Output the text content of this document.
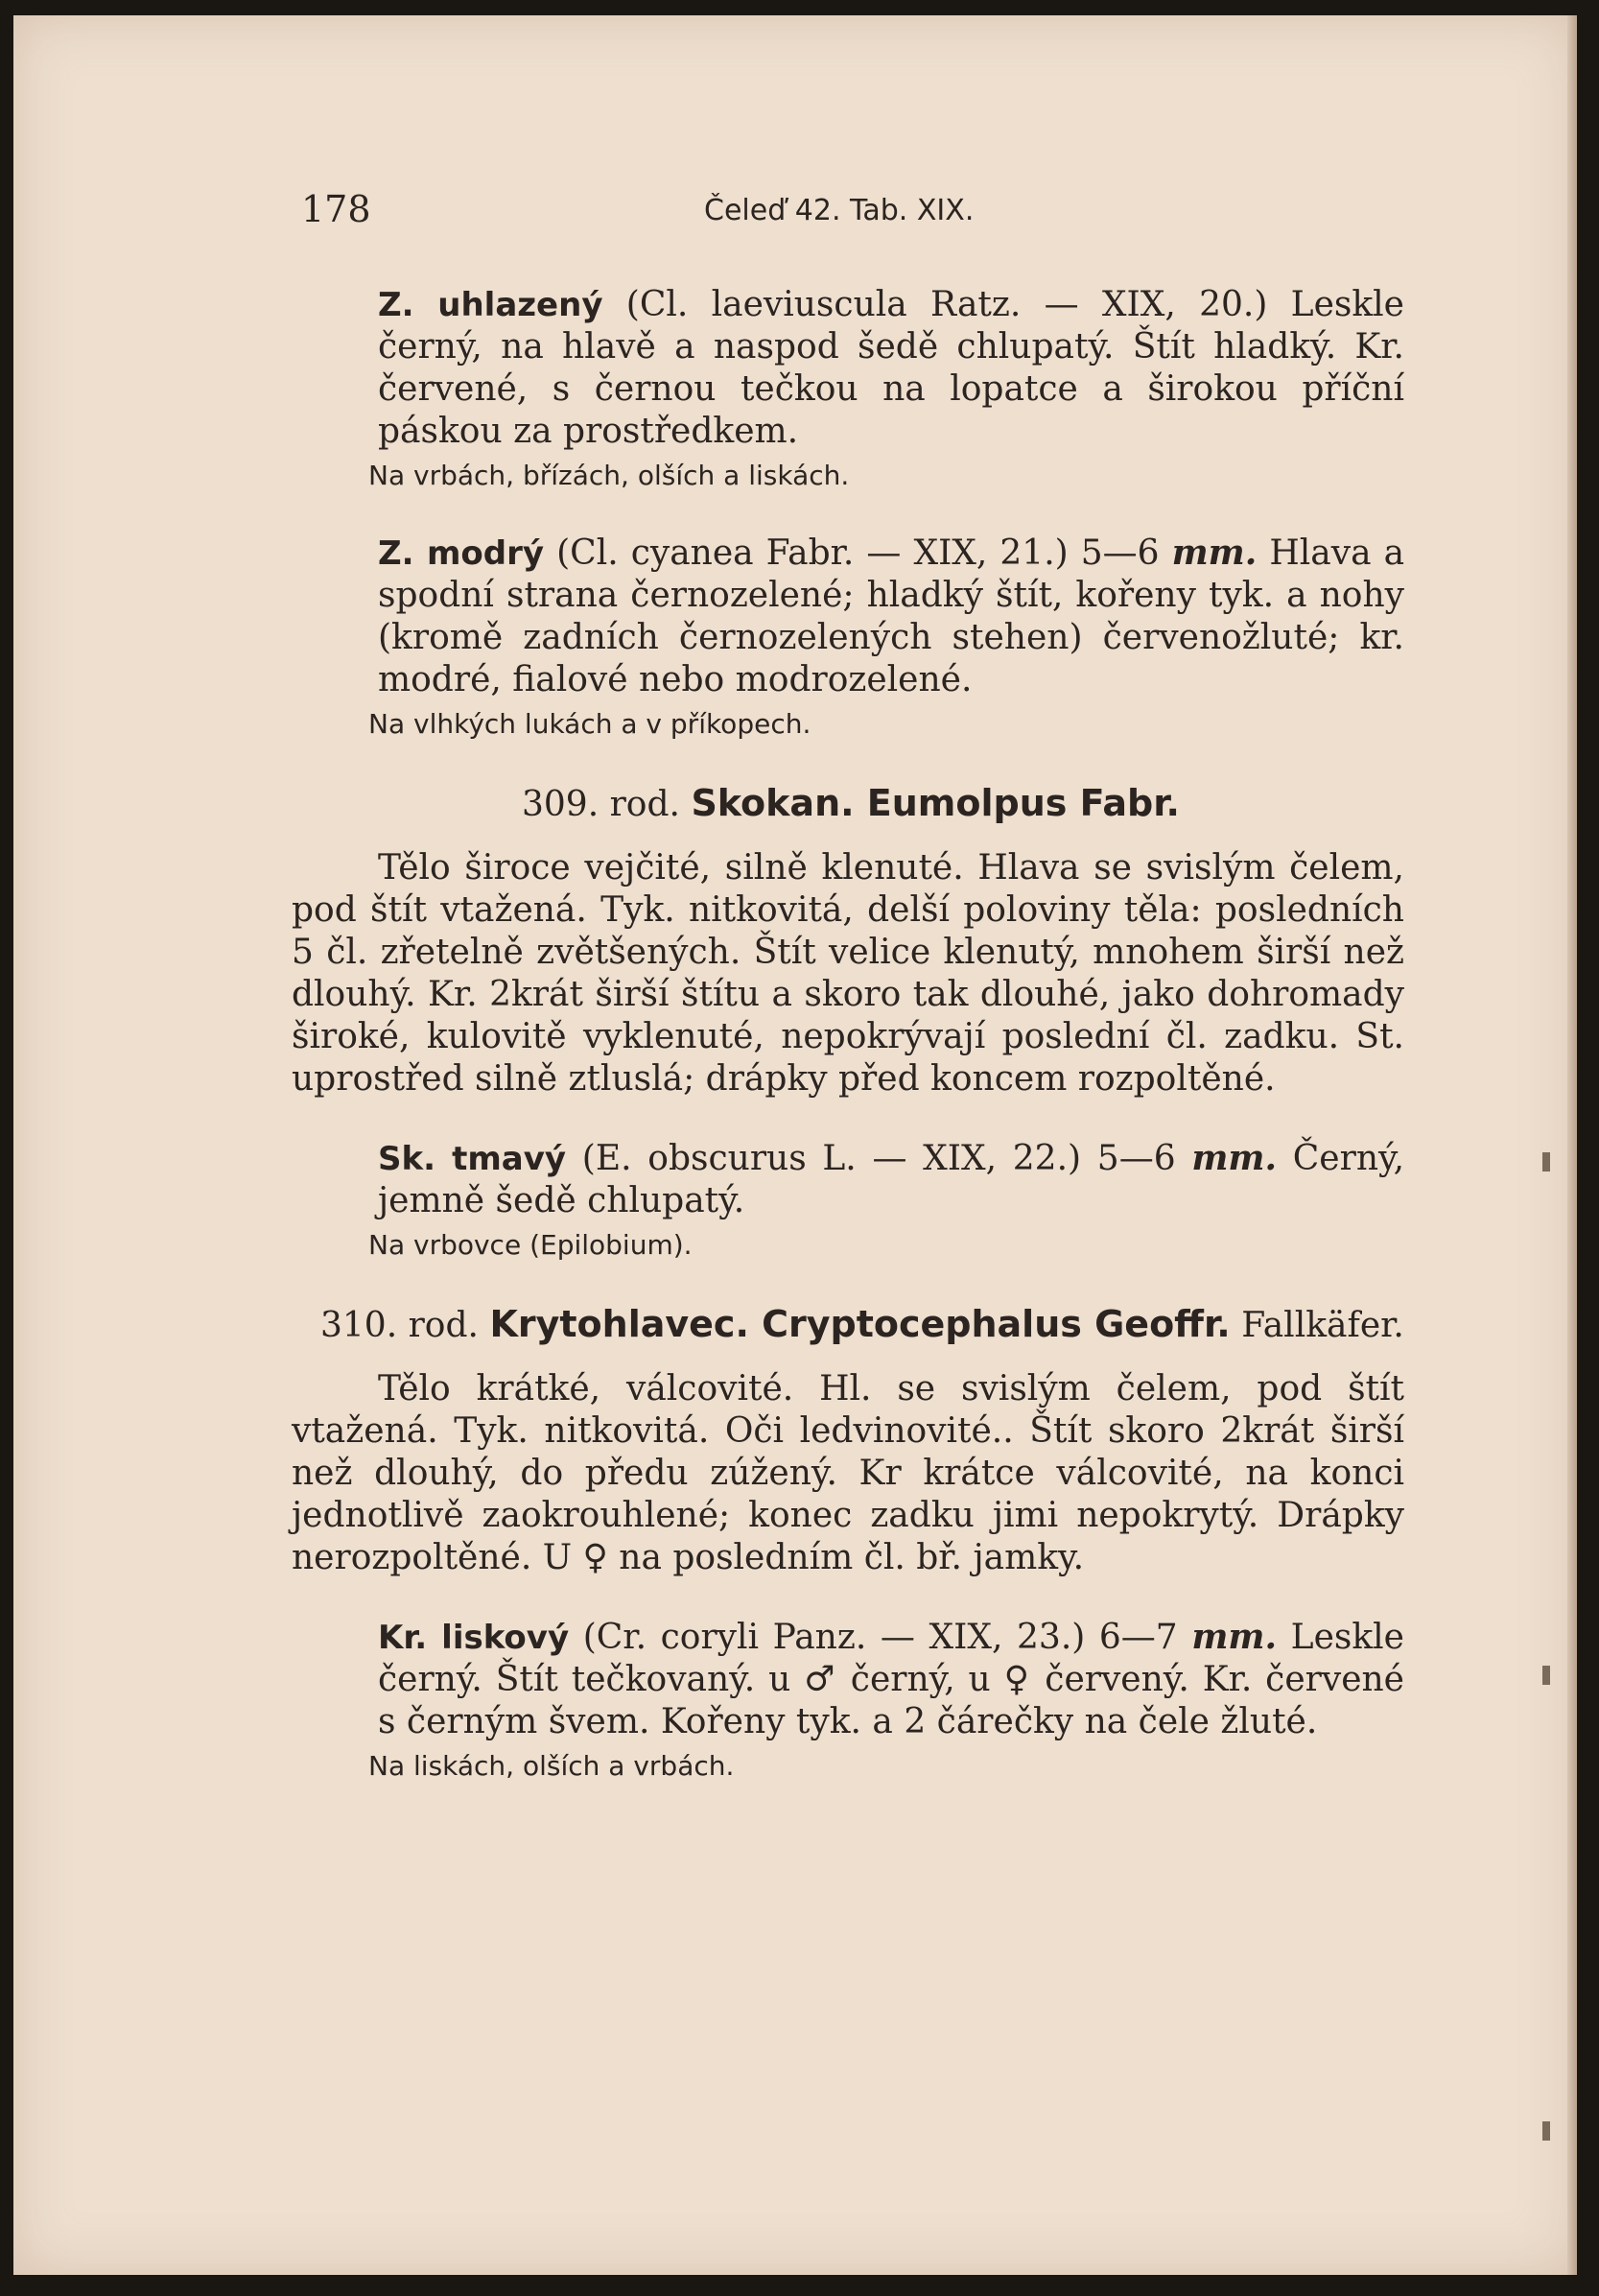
178	Čeleď 42. Tab. XIX.

Z. uhlazený (Cl. laeviuscula Ratz. — XIX, 20.) Leskle černý, na hlavě a naspod šedě chlupatý. Štít hladký. Kr. červené, s černou tečkou na lopatce a širokou příční páskou za prostředkem.

Na vrbách, břízách, olších a liskách.

Z. modrý (Cl. cyanea Fabr. — XIX, 21.) 5—6 mm. Hlava a spodní strana černozelené; hladký štít, kořeny tyk. a nohy (kromě zadních černozelených stehen) červenožluté; kr. modré, fialové nebo modrozelené.

Na vlhkých lukách a v příkopech.

309. rod. Skokan. Eumolpus Fabr.

Tělo široce vejčité, silně klenuté. Hlava se svislým čelem, pod štít vtažená. Tyk. nitkovitá, delší poloviny těla: posledních 5 čl. zřetelně zvětšených. Štít velice klenutý, mnohem širší než dlouhý. Kr. 2krát širší štítu a skoro tak dlouhé, jako dohromady široké, kulovitě vyklenuté, nepokrývají poslední čl. zadku. St. uprostřed silně ztluslá; drápky před koncem rozpoltěné.

Sk. tmavý (E. obscurus L. — XIX, 22.) 5—6 mm. Černý, jemně šedě chlupatý.

Na vrbovce (Epilobium).

310. rod. Krytohlavec. Cryptocephalus Geoffr. Fallkäfer.

Tělo krátké, válcovité. Hl. se svislým čelem, pod štít vtažená. Tyk. nitkovitá. Oči ledvinovité.. Štít skoro 2krát širší než dlouhý, do předu zúžený. Kr krátce válcovité, na konci jednotlivě zaokrouhlené; konec zadku jimi nepokrytý. Drápky nerozpoltěné. U ♀ na posledním čl. bř. jamky.

Kr. liskový (Cr. coryli Panz. — XIX, 23.) 6—7 mm. Leskle černý. Štít tečkovaný. u ♂ černý, u ♀ červený. Kr. červené s černým švem. Kořeny tyk. a 2 čárečky na čele žluté.

Na liskách, olších a vrbách.
